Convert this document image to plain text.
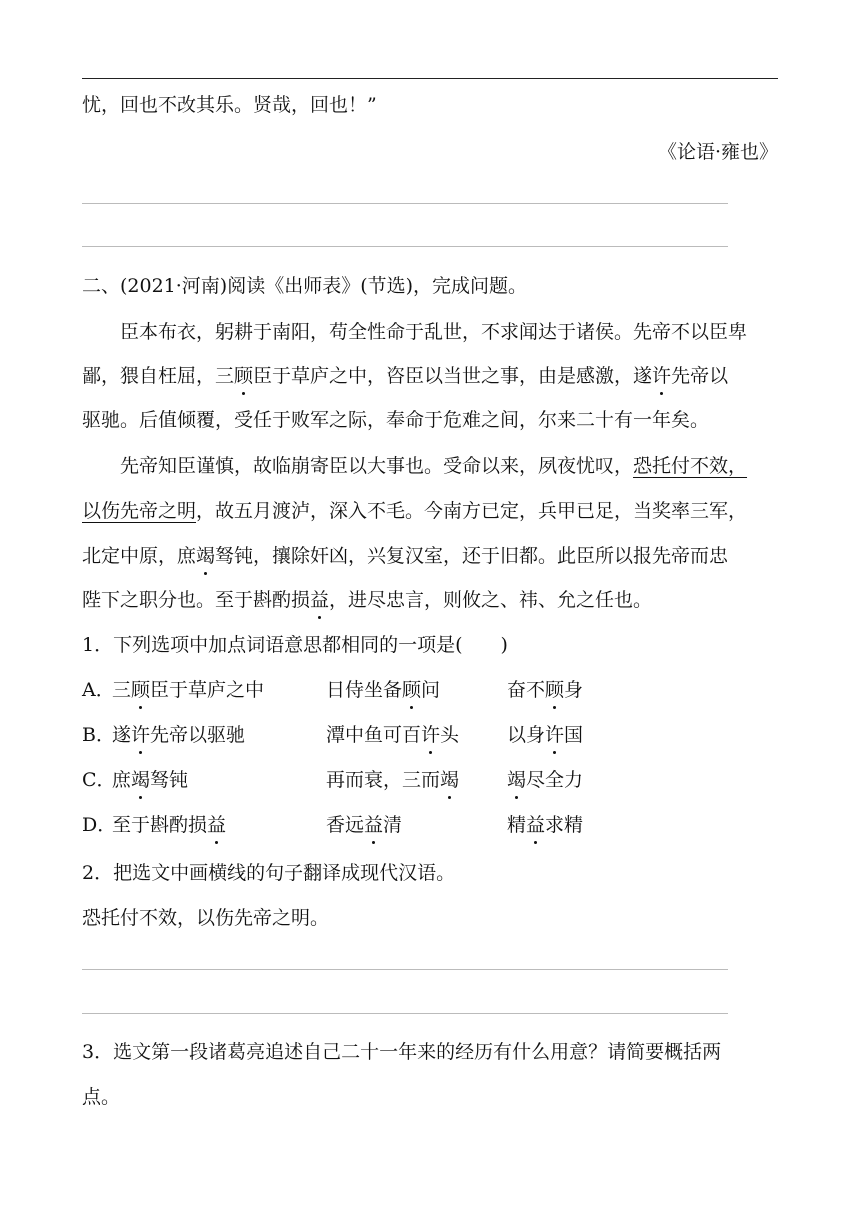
忧，回也不改其乐。贤哉，回也！”
《论语·雍也》
二、(2021·河南)阅读《出师表》(节选)，完成问题。
臣本布衣，躬耕于南阳，苟全性命于乱世，不求闻达于诸侯。先帝不以臣卑
鄙，猥自枉屈，三顾臣于草庐之中，咨臣以当世之事，由是感激，遂许先帝以
驱驰。后值倾覆，受任于败军之际，奉命于危难之间，尔来二十有一年矣。
先帝知臣谨慎，故临崩寄臣以大事也。受命以来，夙夜忧叹，恐托付不效，
以伤先帝之明，故五月渡泸，深入不毛。今南方已定，兵甲已足，当奖率三军，
北定中原，庶竭驽钝，攘除奸凶，兴复汉室，还于旧都。此臣所以报先帝而忠
陛下之职分也。至于斟酌损益，进尽忠言，则攸之、祎、允之任也。
1．下列选项中加点词语意思都相同的一项是(　　)
A．
三顾臣于草庐之中	日侍坐备顾问	奋不顾身
B．
遂许先帝以驱驰	潭中鱼可百许头	以身许国
C．
庶竭驽钝	再而衰，三而竭	竭尽全力
D．
至于斟酌损益	香远益清	精益求精
2．把选文中画横线的句子翻译成现代汉语。
恐托付不效，以伤先帝之明。
3．选文第一段诸葛亮追述自己二十一年来的经历有什么用意？请简要概括两
点。
